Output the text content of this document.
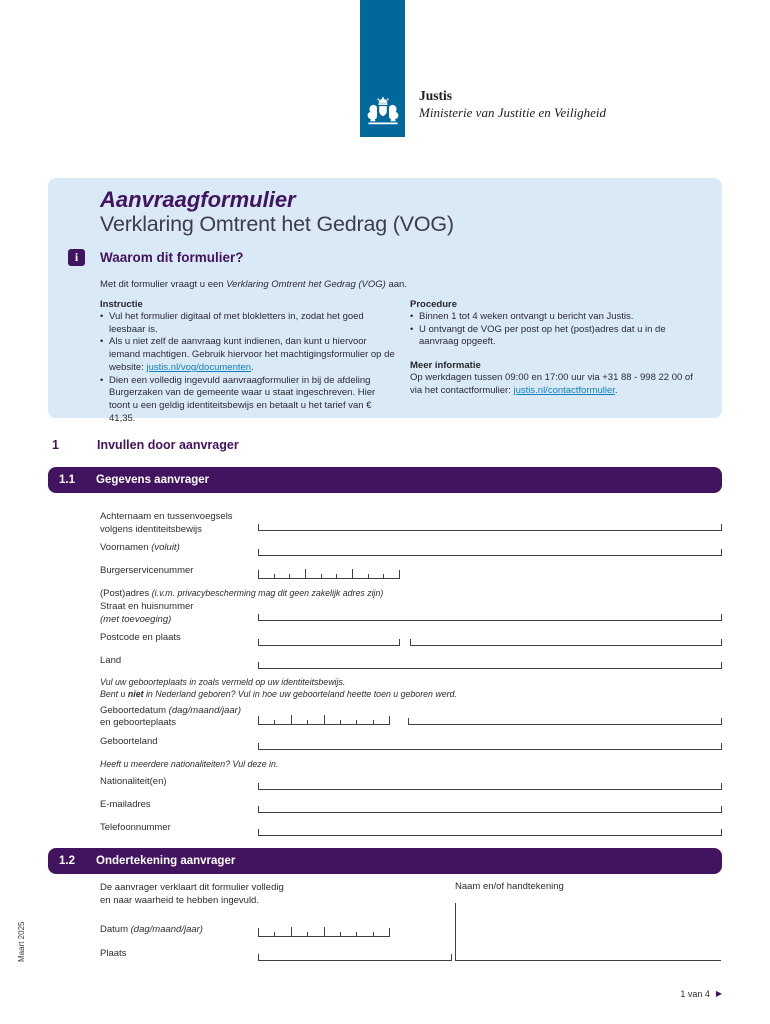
Justis
Ministerie van Justitie en Veiligheid
Aanvraagformulier
Verklaring Omtrent het Gedrag (VOG)
i	Waarom dit formulier?

Met dit formulier vraagt u een Verklaring Omtrent het Gedrag (VOG) aan.

Instructie
• Vul het formulier digitaal of met blokletters in, zodat het goed leesbaar is.
• Als u niet zelf de aanvraag kunt indienen, dan kunt u hiervoor iemand machtigen. Gebruik hiervoor het machtigingsformulier op de website: justis.nl/vog/documenten.
• Dien een volledig ingevuld aanvraagformulier in bij de afdeling Burgerzaken van de gemeente waar u staat ingeschreven. Hier toont u een geldig identiteitsbewijs en betaalt u het tarief van € 41,35.
Procedure
• Binnen 1 tot 4 weken ontvangt u bericht van Justis.
• U ontvangt de VOG per post op het (post)adres dat u in de aanvraag opgeeft.
Meer informatie

Op werkdagen tussen 09:00 en 17:00 uur via +31 88 - 998 22 00 of via het contactformulier: justis.nl/contactformulier.

1	Invullen door aanvrager
1.1	Gegevens aanvrager
Achternaam en tussenvoegsels
volgens identiteitsbewijs
Voornamen (voluit)
Burgerservicenummer
(Post)adres (i.v.m. privacybescherming mag dit geen zakelijk adres zijn)
Straat en huisnummer
(met toevoeging)
Postcode en plaats
Land
Vul uw geboorteplaats in zoals vermeld op uw identiteitsbewijs.
Bent u niet in Nederland geboren? Vul in hoe uw geboorteland heette toen u geboren werd.
Geboortedatum (dag/maand/jaar)
en geboorteplaats
Geboorteland
Heeft u meerdere nationaliteiten? Vul deze in.
Nationaliteit(en)
E-mailadres
Telefoonnummer
1.2	Ondertekening aanvrager
De aanvrager verklaart dit formulier volledig
en naar waarheid te hebben ingevuld.
Naam en/of handtekening
Datum (dag/maand/jaar)
Plaats
Maart 2025
1 van 4 ▶
